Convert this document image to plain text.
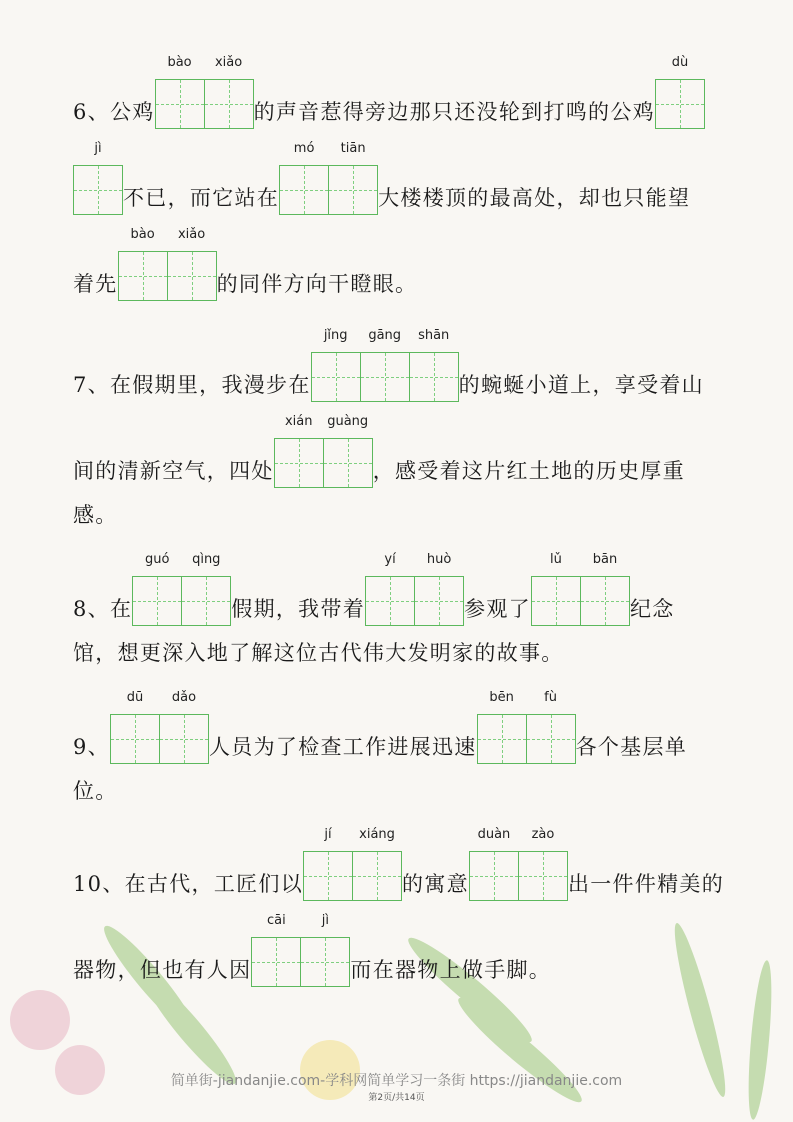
6、公鸡
bào	xiǎo
的声音惹得旁边那只还没轮到打鸣的公鸡
dù
jì
不已，而它站在
mó	tiān
大楼楼顶的最高处，却也只能望
着先
bào	xiǎo
的同伴方向干瞪眼。
7、在假期里，我漫步在
jǐng	gāng	shān
的蜿蜒小道上，享受着山
间的清新空气，四处
xián	guàng
，感受着这片红土地的历史厚重
感。
8、在
guó	qìng
假期，我带着
yí	huò
参观了
lǔ	bān
纪念
馆，想更深入地了解这位古代伟大发明家的故事。
9、
dū	dǎo
人员为了检查工作进展迅速
bēn	fù
各个基层单
位。
10、在古代，工匠们以
jí	xiáng
的寓意
duàn	zào
出一件件精美的
器物，但也有人因
cāi	jì
而在器物上做手脚。
简单街-jiandanjie.com-学科网简单学习一条街 https://jiandanjie.com
第2页/共14页
